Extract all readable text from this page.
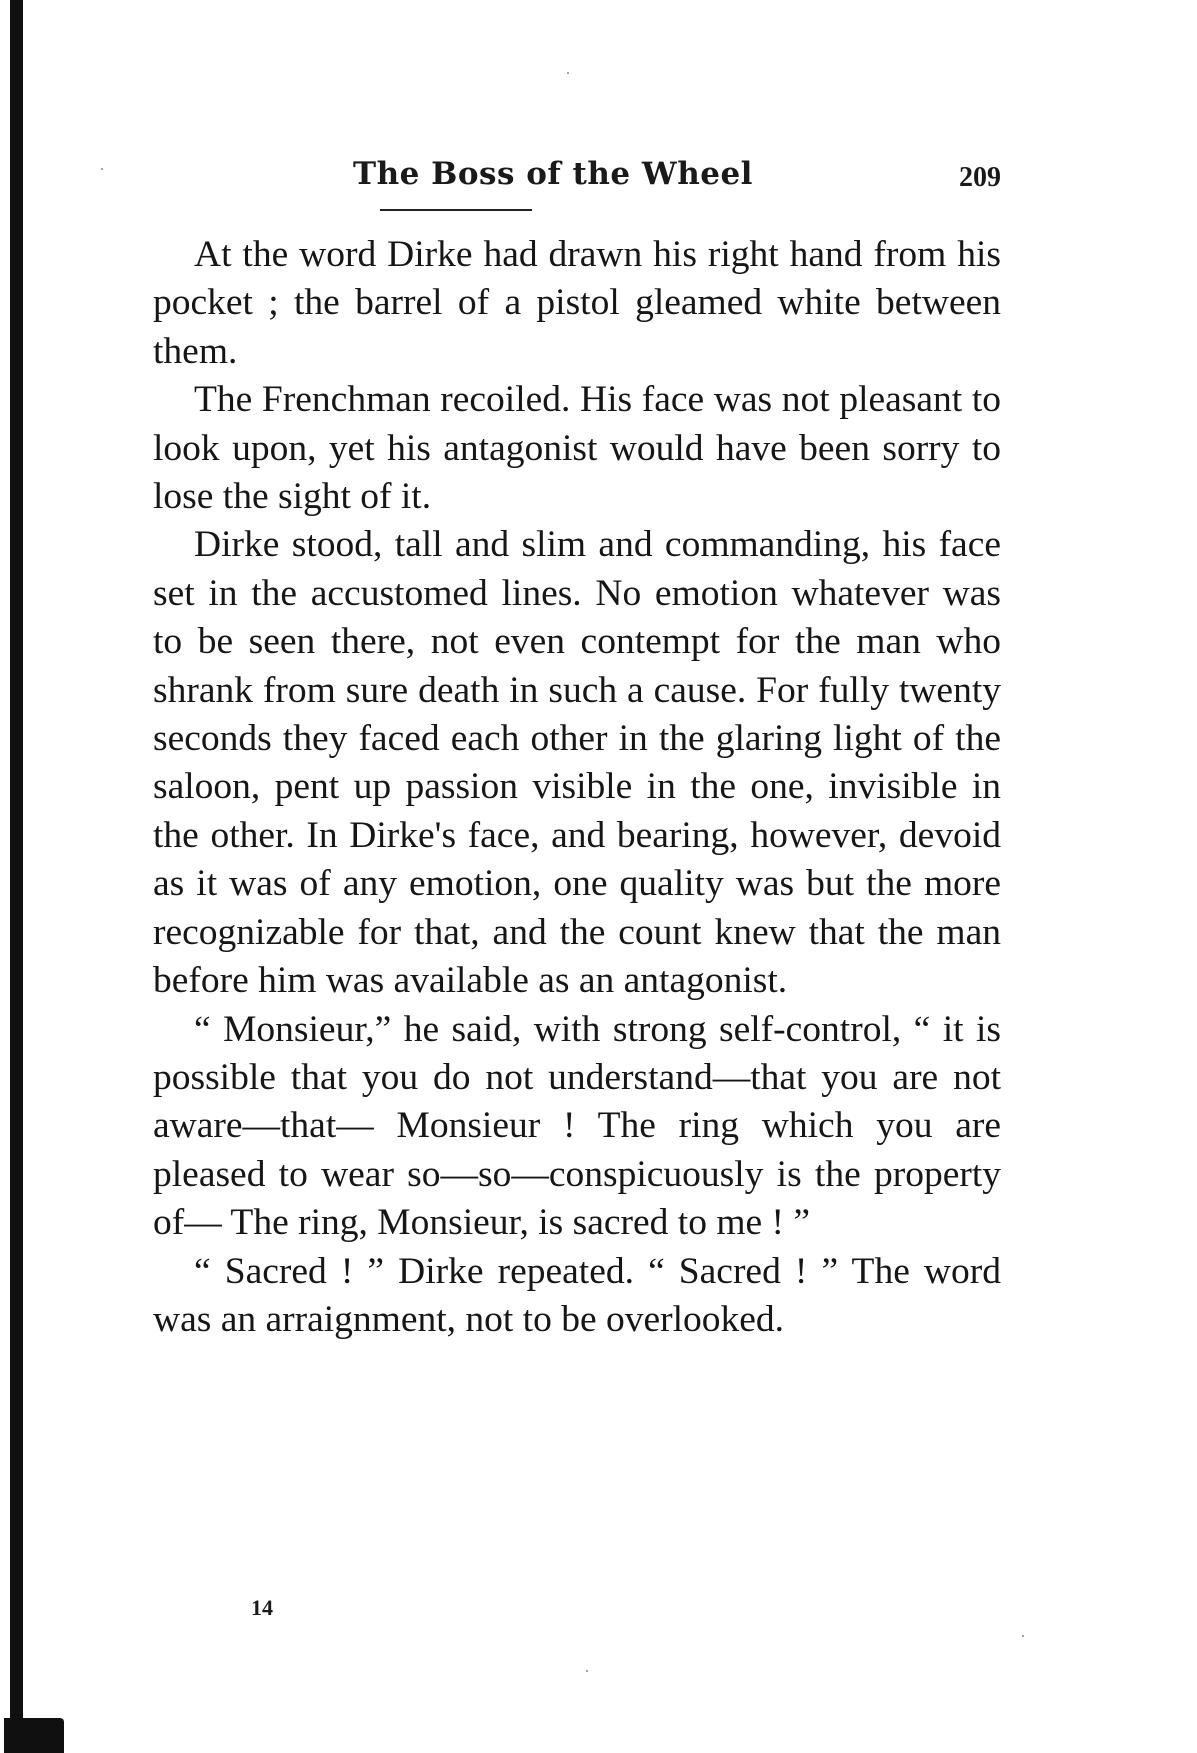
The Boss of the Wheel	209

At the word Dirke had drawn his right hand from his pocket ; the barrel of a pistol gleamed white between them.

The Frenchman recoiled. His face was not pleasant to look upon, yet his antagonist would have been sorry to lose the sight of it.

Dirke stood, tall and slim and commanding, his face set in the accustomed lines. No emotion whatever was to be seen there, not even contempt for the man who shrank from sure death in such a cause. For fully twenty seconds they faced each other in the glaring light of the saloon, pent up passion visible in the one, invisible in the other. In Dirke's face, and bearing, however, devoid as it was of any emotion, one quality was but the more recognizable for that, and the count knew that the man before him was available as an antagonist.

“ Monsieur,” he said, with strong self-control, “ it is possible that you do not understand—that you are not aware—that— Monsieur ! The ring which you are pleased to wear so—so—conspicuously is the property of— The ring, Monsieur, is sacred to me ! ”

“ Sacred ! ” Dirke repeated. “ Sacred ! ” The word was an arraignment, not to be overlooked.

14
